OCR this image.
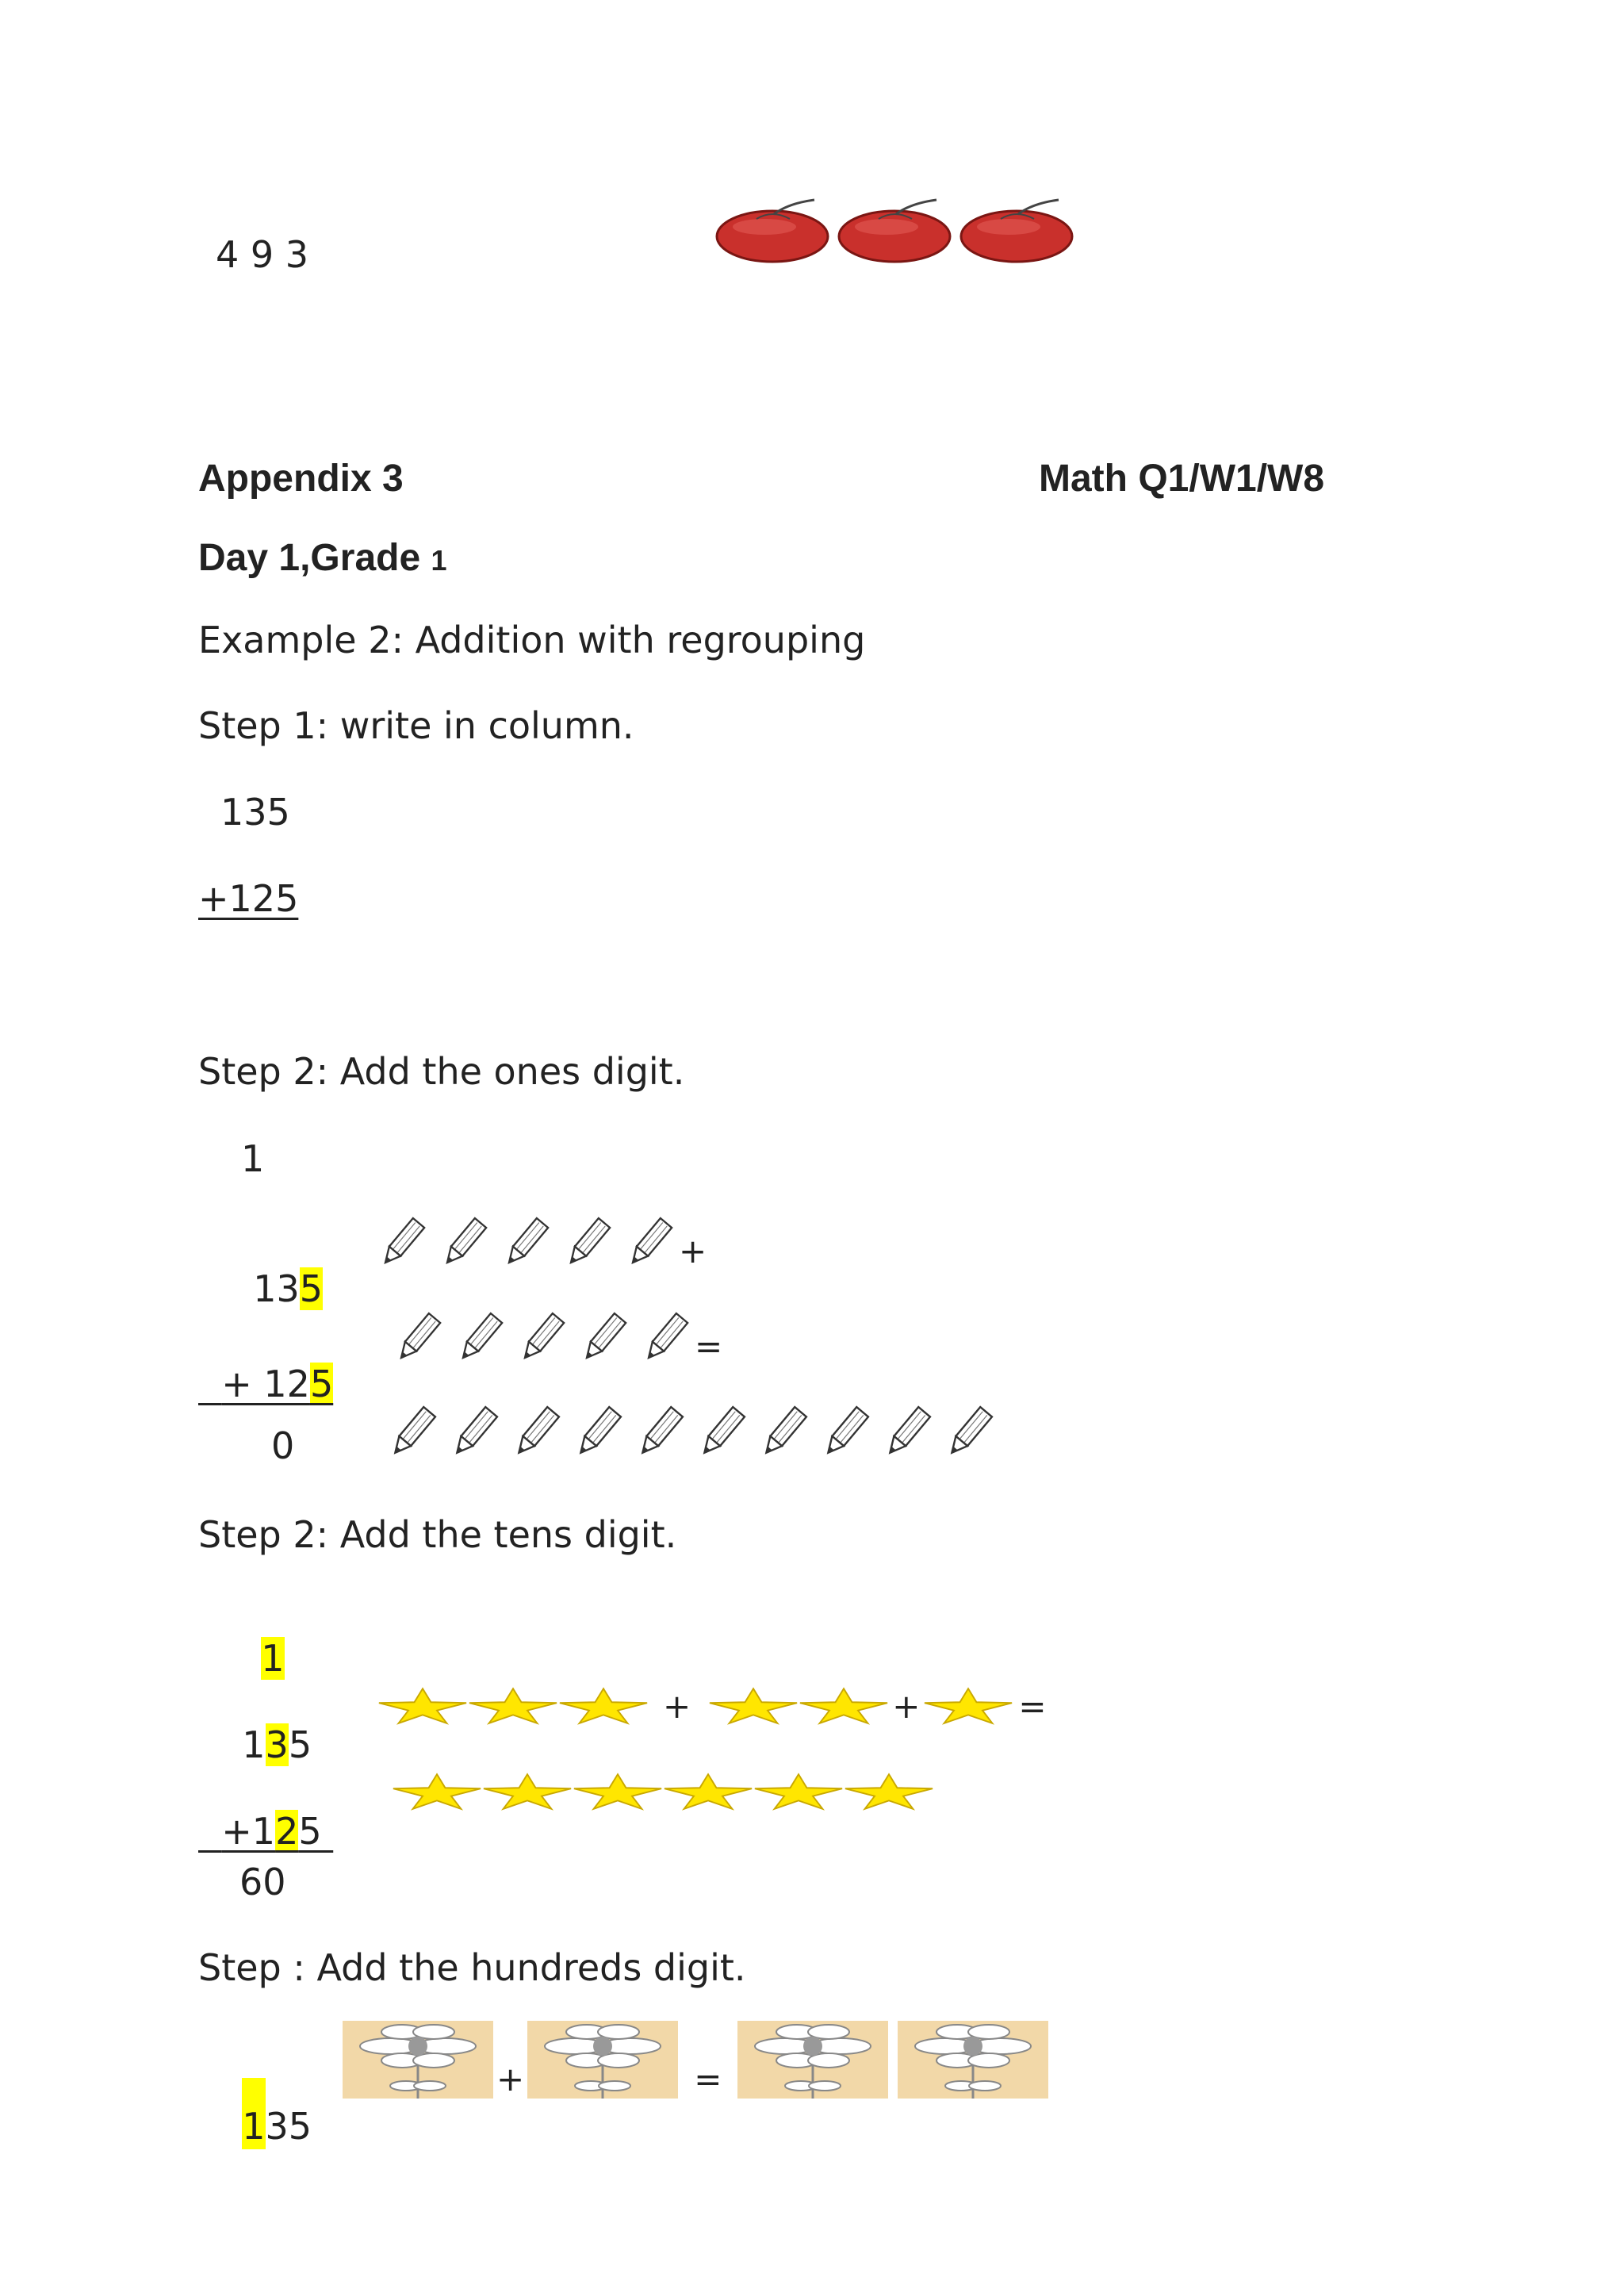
4 9 3
Appendix 3	Math Q1/W1/W8
Day 1,Grade 1
Example 2: Addition with regrouping
Step 1: write in column.
135
+125
Step 2: Add the ones digit.
1

135

+

+ 125

=
0
Step 2: Add the tens digit.

1

135

+	+	=

+125

60
Step : Add the hundreds digit.

135

+	=
